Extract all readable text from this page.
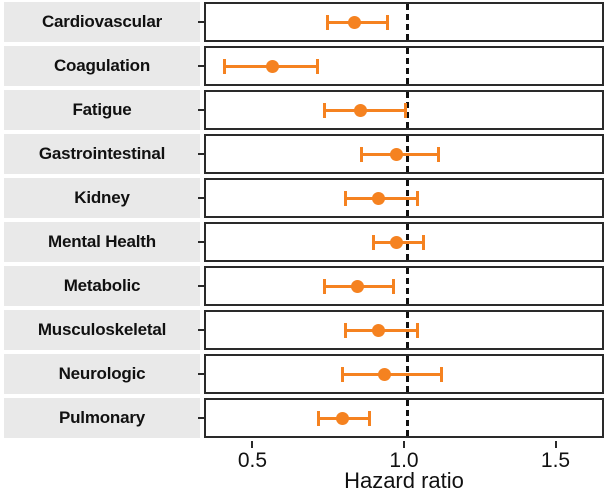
Cardiovascular
Coagulation
Fatigue
Gastrointestinal
Kidney
Mental Health
Metabolic
Musculoskeletal
Neurologic
Pulmonary
0.5	1.0	1.5
Hazard ratio
